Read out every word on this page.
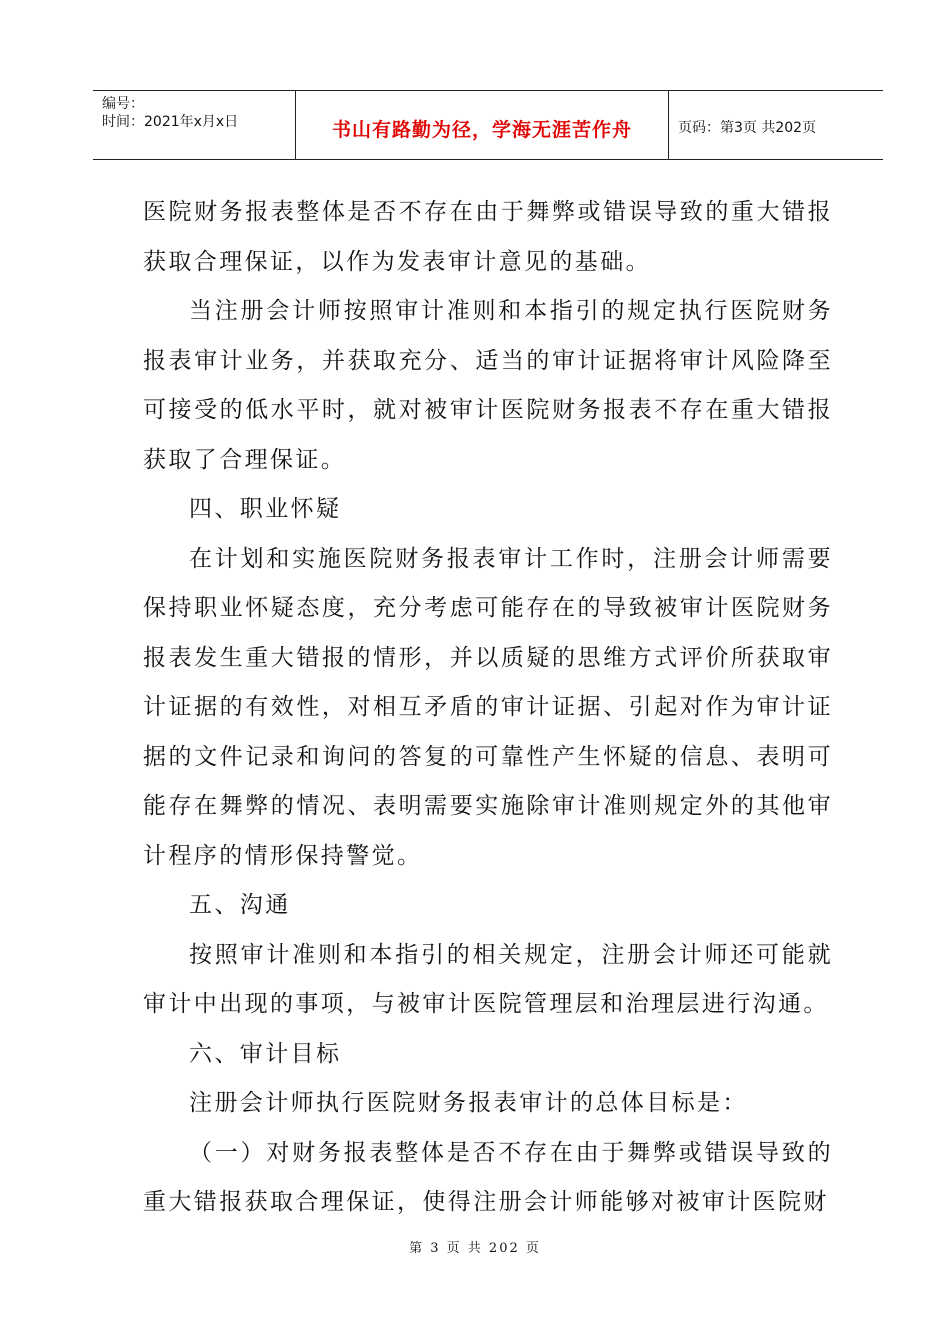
编号：
时间：2021年x月x日	书山有路勤为径，学海无涯苦作舟	页码：第3页 共202页

医院财务报表整体是否不存在由于舞弊或错误导致的重大错报获取合理保证，以作为发表审计意见的基础。

当注册会计师按照审计准则和本指引的规定执行医院财务报表审计业务，并获取充分、适当的审计证据将审计风险降至可接受的低水平时，就对被审计医院财务报表不存在重大错报获取了合理保证。

四、职业怀疑

在计划和实施医院财务报表审计工作时，注册会计师需要保持职业怀疑态度，充分考虑可能存在的导致被审计医院财务报表发生重大错报的情形，并以质疑的思维方式评价所获取审计证据的有效性，对相互矛盾的审计证据、引起对作为审计证据的文件记录和询问的答复的可靠性产生怀疑的信息、表明可能存在舞弊的情况、表明需要实施除审计准则规定外的其他审计程序的情形保持警觉。

五、沟通

按照审计准则和本指引的相关规定，注册会计师还可能就审计中出现的事项，与被审计医院管理层和治理层进行沟通。

六、审计目标

注册会计师执行医院财务报表审计的总体目标是：

（一）对财务报表整体是否不存在由于舞弊或错误导致的重大错报获取合理保证，使得注册会计师能够对被审计医院财

第 3 页 共 202 页
